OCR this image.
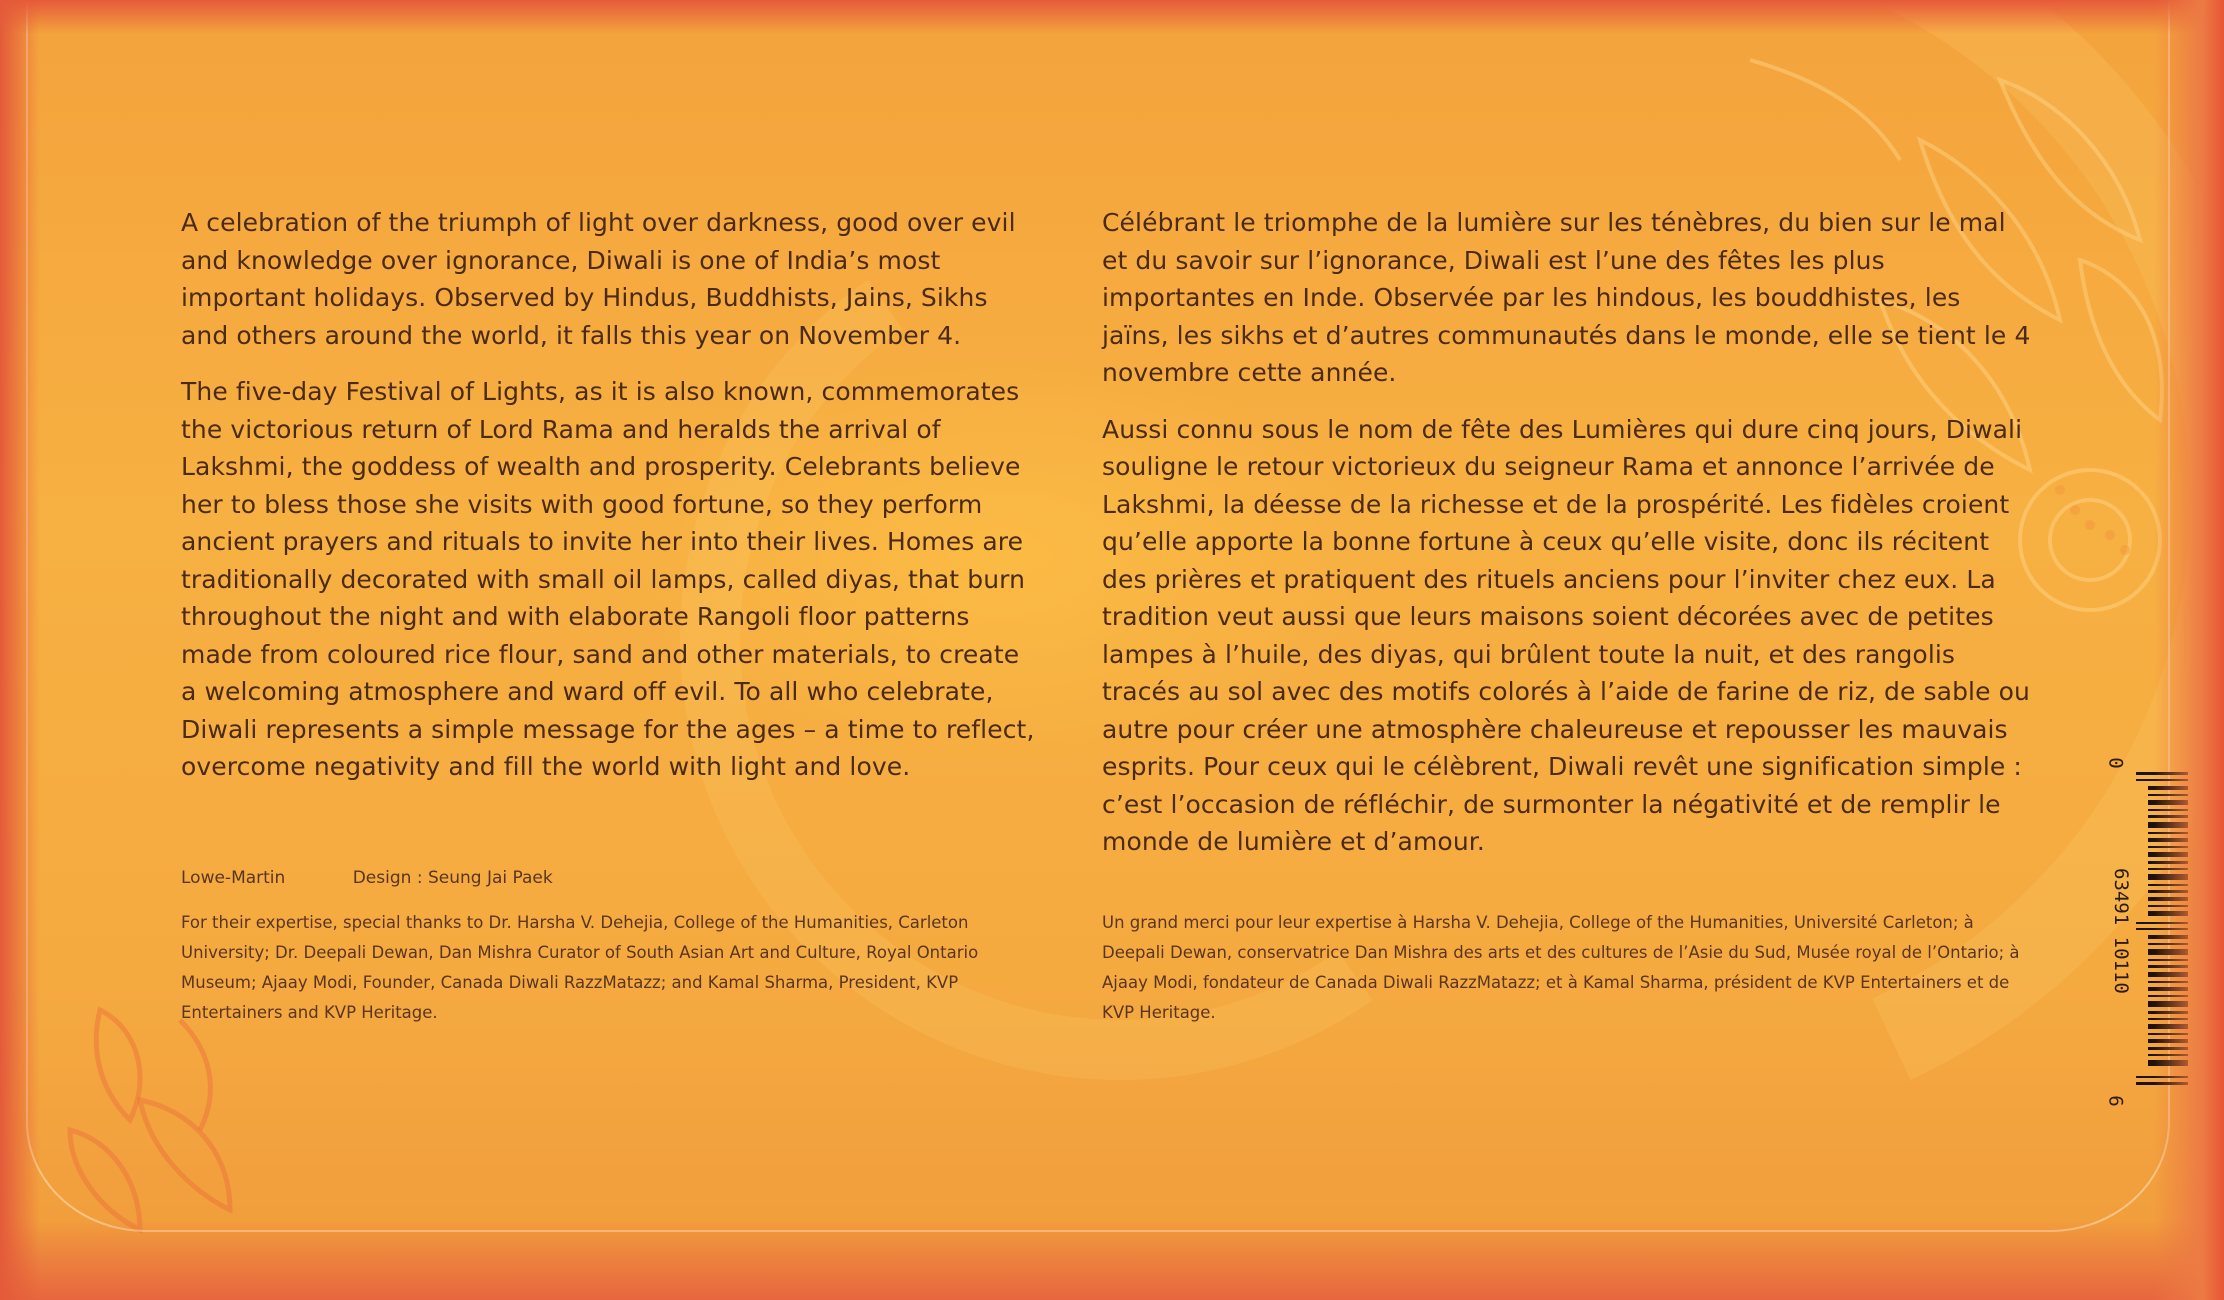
A celebration of the triumph of light over darkness, good over evil and knowledge over ignorance, Diwali is one of India’s most important holidays. Observed by Hindus, Buddhists, Jains, Sikhs and others around the world, it falls this year on November 4.

The five-day Festival of Lights, as it is also known, commemorates the victorious return of Lord Rama and heralds the arrival of Lakshmi, the goddess of wealth and prosperity. Celebrants believe her to bless those she visits with good fortune, so they perform ancient prayers and rituals to invite her into their lives. Homes are traditionally decorated with small oil lamps, called diyas, that burn throughout the night and with elaborate Rangoli floor patterns made from coloured rice flour, sand and other materials, to create a welcoming atmosphere and ward off evil. To all who celebrate, Diwali represents a simple message for the ages – a time to reflect, overcome negativity and fill the world with light and love.

Célébrant le triomphe de la lumière sur les ténèbres, du bien sur le mal et du savoir sur l’ignorance, Diwali est l’une des fêtes les plus importantes en Inde. Observée par les hindous, les bouddhistes, les jaïns, les sikhs et d’autres communautés dans le monde, elle se tient le 4 novembre cette année.

Aussi connu sous le nom de fête des Lumières qui dure cinq jours, Diwali souligne le retour victorieux du seigneur Rama et annonce l’arrivée de Lakshmi, la déesse de la richesse et de la prospérité. Les fidèles croient qu’elle apporte la bonne fortune à ceux qu’elle visite, donc ils récitent des prières et pratiquent des rituels anciens pour l’inviter chez eux. La tradition veut aussi que leurs maisons soient décorées avec de petites lampes à l’huile, des diyas, qui brûlent toute la nuit, et des rangolis tracés au sol avec des motifs colorés à l’aide de farine de riz, de sable ou autre pour créer une atmosphère chaleureuse et repousser les mauvais esprits. Pour ceux qui le célèbrent, Diwali revêt une signification simple : c’est l’occasion de réfléchir, de surmonter la négativité et de remplir le monde de lumière et d’amour.

Lowe-Martin	Design : Seung Jai Paek
For their expertise, special thanks to Dr. Harsha V. Dehejia, College of the Humanities, Carleton University; Dr. Deepali Dewan, Dan Mishra Curator of South Asian Art and Culture, Royal Ontario Museum; Ajaay Modi, Founder, Canada Diwali RazzMatazz; and Kamal Sharma, President, KVP Entertainers and KVP Heritage.
Un grand merci pour leur expertise à Harsha V. Dehejia, College of the Humanities, Université Carleton; à Deepali Dewan, conservatrice Dan Mishra des arts et des cultures de l’Asie du Sud, Musée royal de l’Ontario; à Ajaay Modi, fondateur de Canada Diwali RazzMatazz; et à Kamal Sharma, président de KVP Entertainers et de KVP Heritage.
0
63491 10110
6
